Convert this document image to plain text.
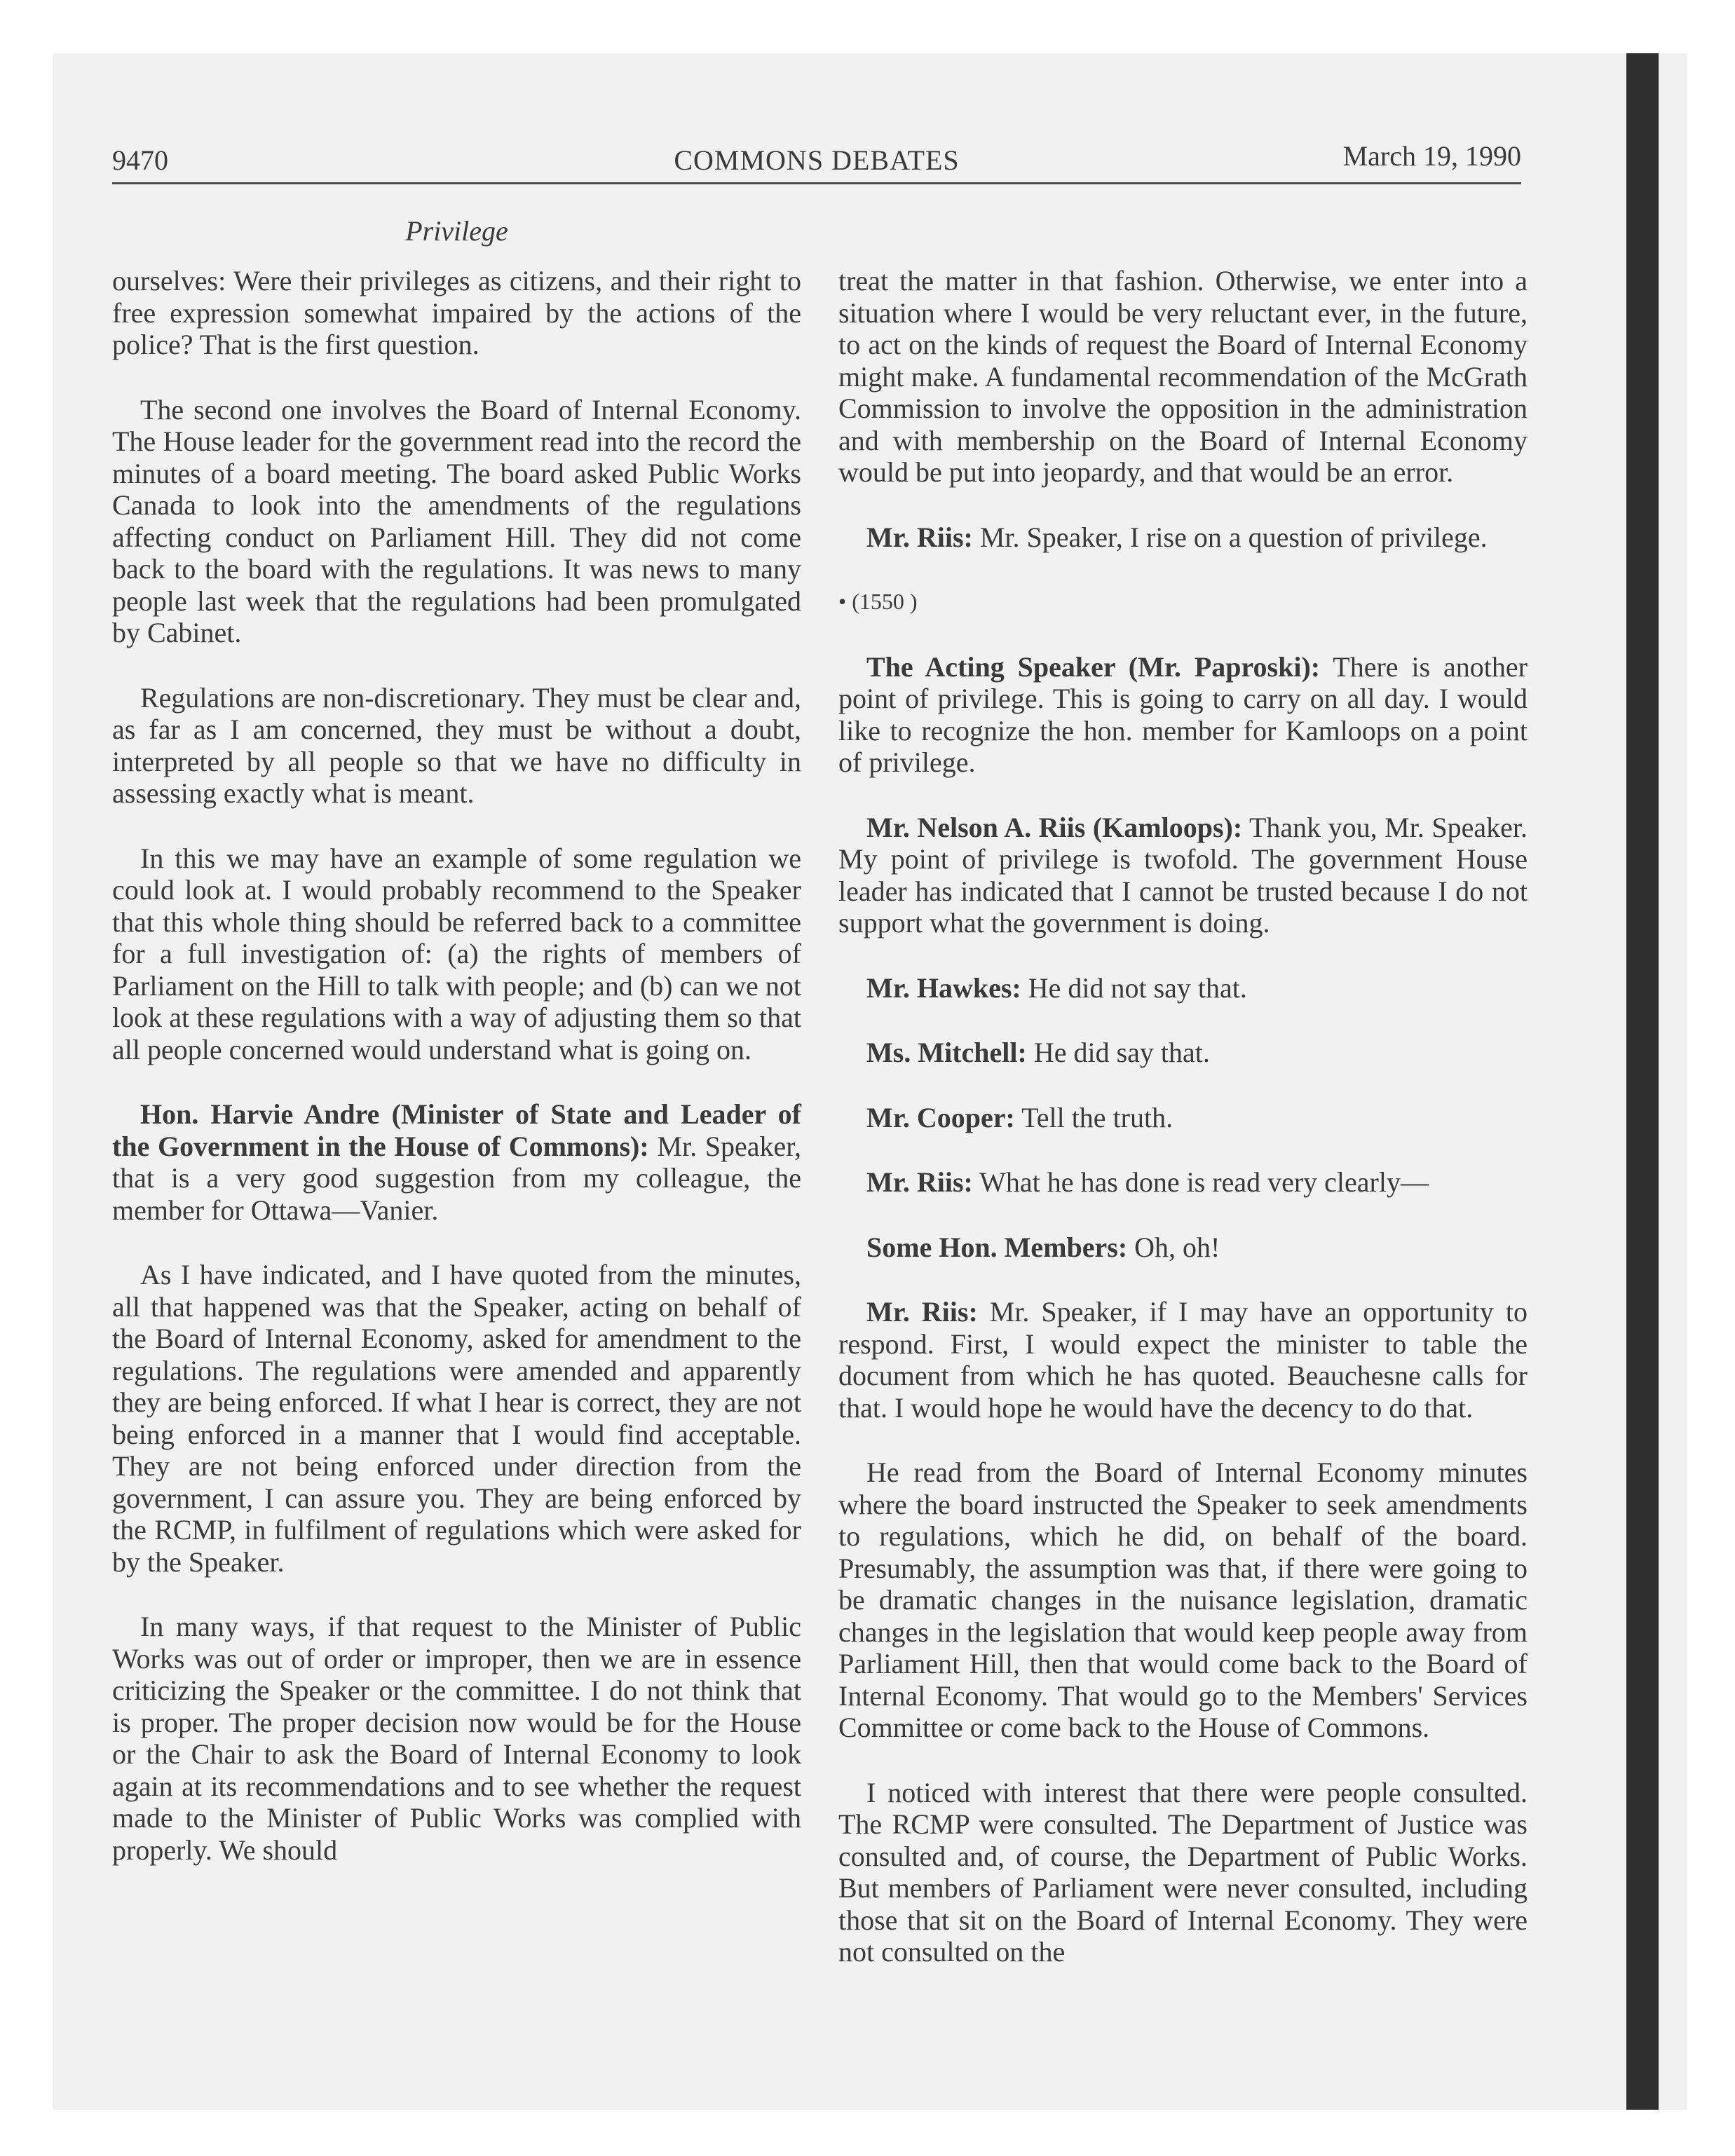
9470	COMMONS DEBATES	March 19, 1990
Privilege

ourselves: Were their privileges as citizens, and their right to free expression somewhat impaired by the actions of the police? That is the first question.

The second one involves the Board of Internal Economy. The House leader for the government read into the record the minutes of a board meeting. The board asked Public Works Canada to look into the amendments of the regulations affecting conduct on Parliament Hill. They did not come back to the board with the regulations. It was news to many people last week that the regulations had been promulgated by Cabinet.

Regulations are non-discretionary. They must be clear and, as far as I am concerned, they must be without a doubt, interpreted by all people so that we have no difficulty in assessing exactly what is meant.

In this we may have an example of some regulation we could look at. I would probably recommend to the Speaker that this whole thing should be referred back to a committee for a full investigation of: (a) the rights of members of Parliament on the Hill to talk with people; and (b) can we not look at these regulations with a way of adjusting them so that all people concerned would understand what is going on.

Hon. Harvie Andre (Minister of State and Leader of the Government in the House of Commons): Mr. Speaker, that is a very good suggestion from my colleague, the member for Ottawa—Vanier.

As I have indicated, and I have quoted from the minutes, all that happened was that the Speaker, acting on behalf of the Board of Internal Economy, asked for amendment to the regulations. The regulations were amended and apparently they are being enforced. If what I hear is correct, they are not being enforced in a manner that I would find acceptable. They are not being enforced under direction from the government, I can assure you. They are being enforced by the RCMP, in fulfilment of regulations which were asked for by the Speaker.

In many ways, if that request to the Minister of Public Works was out of order or improper, then we are in essence criticizing the Speaker or the committee. I do not think that is proper. The proper decision now would be for the House or the Chair to ask the Board of Internal Economy to look again at its recommendations and to see whether the request made to the Minister of Public Works was complied with properly. We should

treat the matter in that fashion. Otherwise, we enter into a situation where I would be very reluctant ever, in the future, to act on the kinds of request the Board of Internal Economy might make. A fundamental recommendation of the McGrath Commission to involve the opposition in the administration and with membership on the Board of Internal Economy would be put into jeopardy, and that would be an error.

Mr. Riis: Mr. Speaker, I rise on a question of privilege.

• (1550 )

The Acting Speaker (Mr. Paproski): There is another point of privilege. This is going to carry on all day. I would like to recognize the hon. member for Kamloops on a point of privilege.

Mr. Nelson A. Riis (Kamloops): Thank you, Mr. Speaker. My point of privilege is twofold. The government House leader has indicated that I cannot be trusted because I do not support what the government is doing.

Mr. Hawkes: He did not say that.

Ms. Mitchell: He did say that.

Mr. Cooper: Tell the truth.

Mr. Riis: What he has done is read very clearly—

Some Hon. Members: Oh, oh!

Mr. Riis: Mr. Speaker, if I may have an opportunity to respond. First, I would expect the minister to table the document from which he has quoted. Beauchesne calls for that. I would hope he would have the decency to do that.

He read from the Board of Internal Economy minutes where the board instructed the Speaker to seek amendments to regulations, which he did, on behalf of the board. Presumably, the assumption was that, if there were going to be dramatic changes in the nuisance legislation, dramatic changes in the legislation that would keep people away from Parliament Hill, then that would come back to the Board of Internal Economy. That would go to the Members' Services Committee or come back to the House of Commons.

I noticed with interest that there were people consulted. The RCMP were consulted. The Department of Justice was consulted and, of course, the Department of Public Works. But members of Parliament were never consulted, including those that sit on the Board of Internal Economy. They were not consulted on the
